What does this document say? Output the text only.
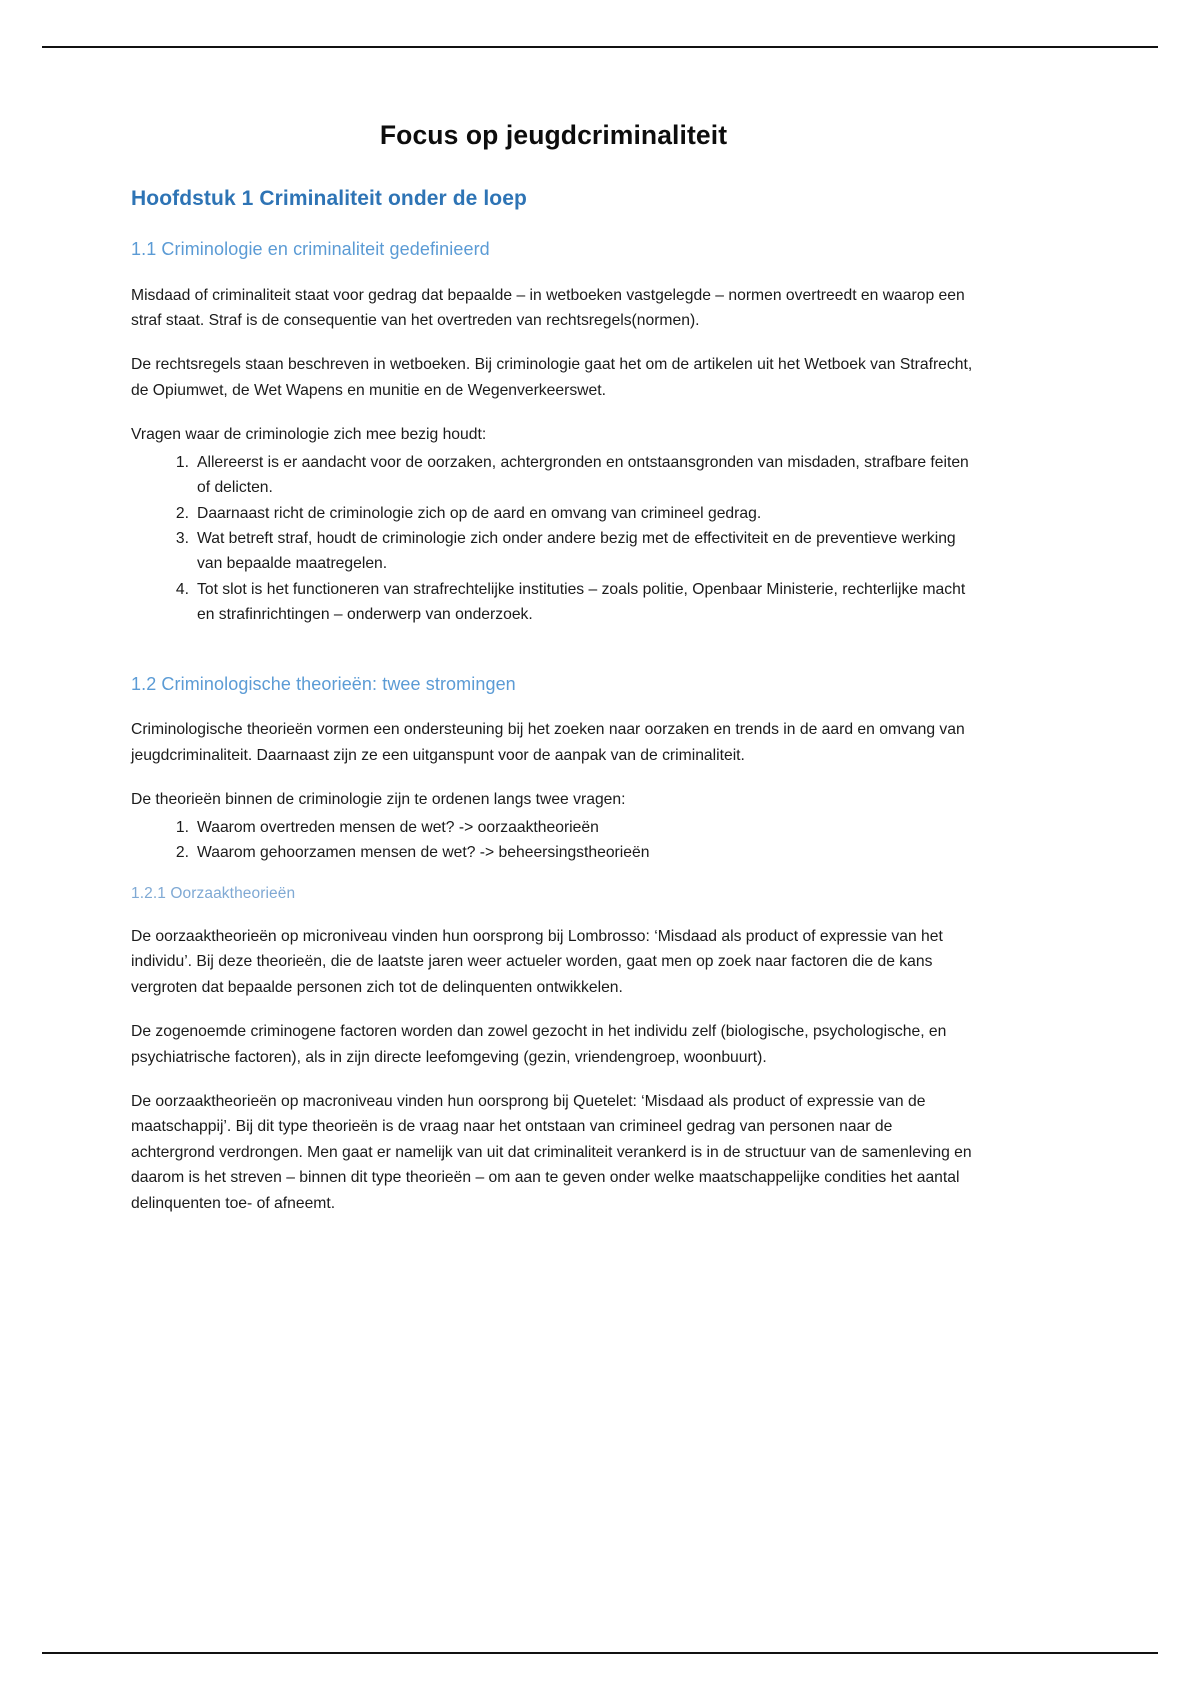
Focus op jeugdcriminaliteit
Hoofdstuk 1 Criminaliteit onder de loep
1.1 Criminologie en criminaliteit gedefinieerd

Misdaad of criminaliteit staat voor gedrag dat bepaalde – in wetboeken vastgelegde – normen overtreedt en waarop een straf staat. Straf is de consequentie van het overtreden van rechtsregels(normen).

De rechtsregels staan beschreven in wetboeken. Bij criminologie gaat het om de artikelen uit het Wetboek van Strafrecht, de Opiumwet, de Wet Wapens en munitie en de Wegenverkeerswet.

Vragen waar de criminologie zich mee bezig houdt:

Allereerst is er aandacht voor de oorzaken, achtergronden en ontstaansgronden van misdaden, strafbare feiten of delicten.
Daarnaast richt de criminologie zich op de aard en omvang van crimineel gedrag.
Wat betreft straf, houdt de criminologie zich onder andere bezig met de effectiviteit en de preventieve werking van bepaalde maatregelen.
Tot slot is het functioneren van strafrechtelijke instituties – zoals politie, Openbaar Ministerie, rechterlijke macht en strafinrichtingen – onderwerp van onderzoek.
1.2 Criminologische theorieën: twee stromingen

Criminologische theorieën vormen een ondersteuning bij het zoeken naar oorzaken en trends in de aard en omvang van jeugdcriminaliteit. Daarnaast zijn ze een uitganspunt voor de aanpak van de criminaliteit.

De theorieën binnen de criminologie zijn te ordenen langs twee vragen:

Waarom overtreden mensen de wet? -> oorzaaktheorieën
Waarom gehoorzamen mensen de wet? -> beheersingstheorieën
1.2.1 Oorzaaktheorieën

De oorzaaktheorieën op microniveau vinden hun oorsprong bij Lombrosso: ‘Misdaad als product of expressie van het individu’. Bij deze theorieën, die de laatste jaren weer actueler worden, gaat men op zoek naar factoren die de kans vergroten dat bepaalde personen zich tot de delinquenten ontwikkelen.

De zogenoemde criminogene factoren worden dan zowel gezocht in het individu zelf (biologische, psychologische, en psychiatrische factoren), als in zijn directe leefomgeving (gezin, vriendengroep, woonbuurt).

De oorzaaktheorieën op macroniveau vinden hun oorsprong bij Quetelet: ‘Misdaad als product of expressie van de maatschappij’. Bij dit type theorieën is de vraag naar het ontstaan van crimineel gedrag van personen naar de achtergrond verdrongen. Men gaat er namelijk van uit dat criminaliteit verankerd is in de structuur van de samenleving en daarom is het streven – binnen dit type theorieën – om aan te geven onder welke maatschappelijke condities het aantal delinquenten toe- of afneemt.
